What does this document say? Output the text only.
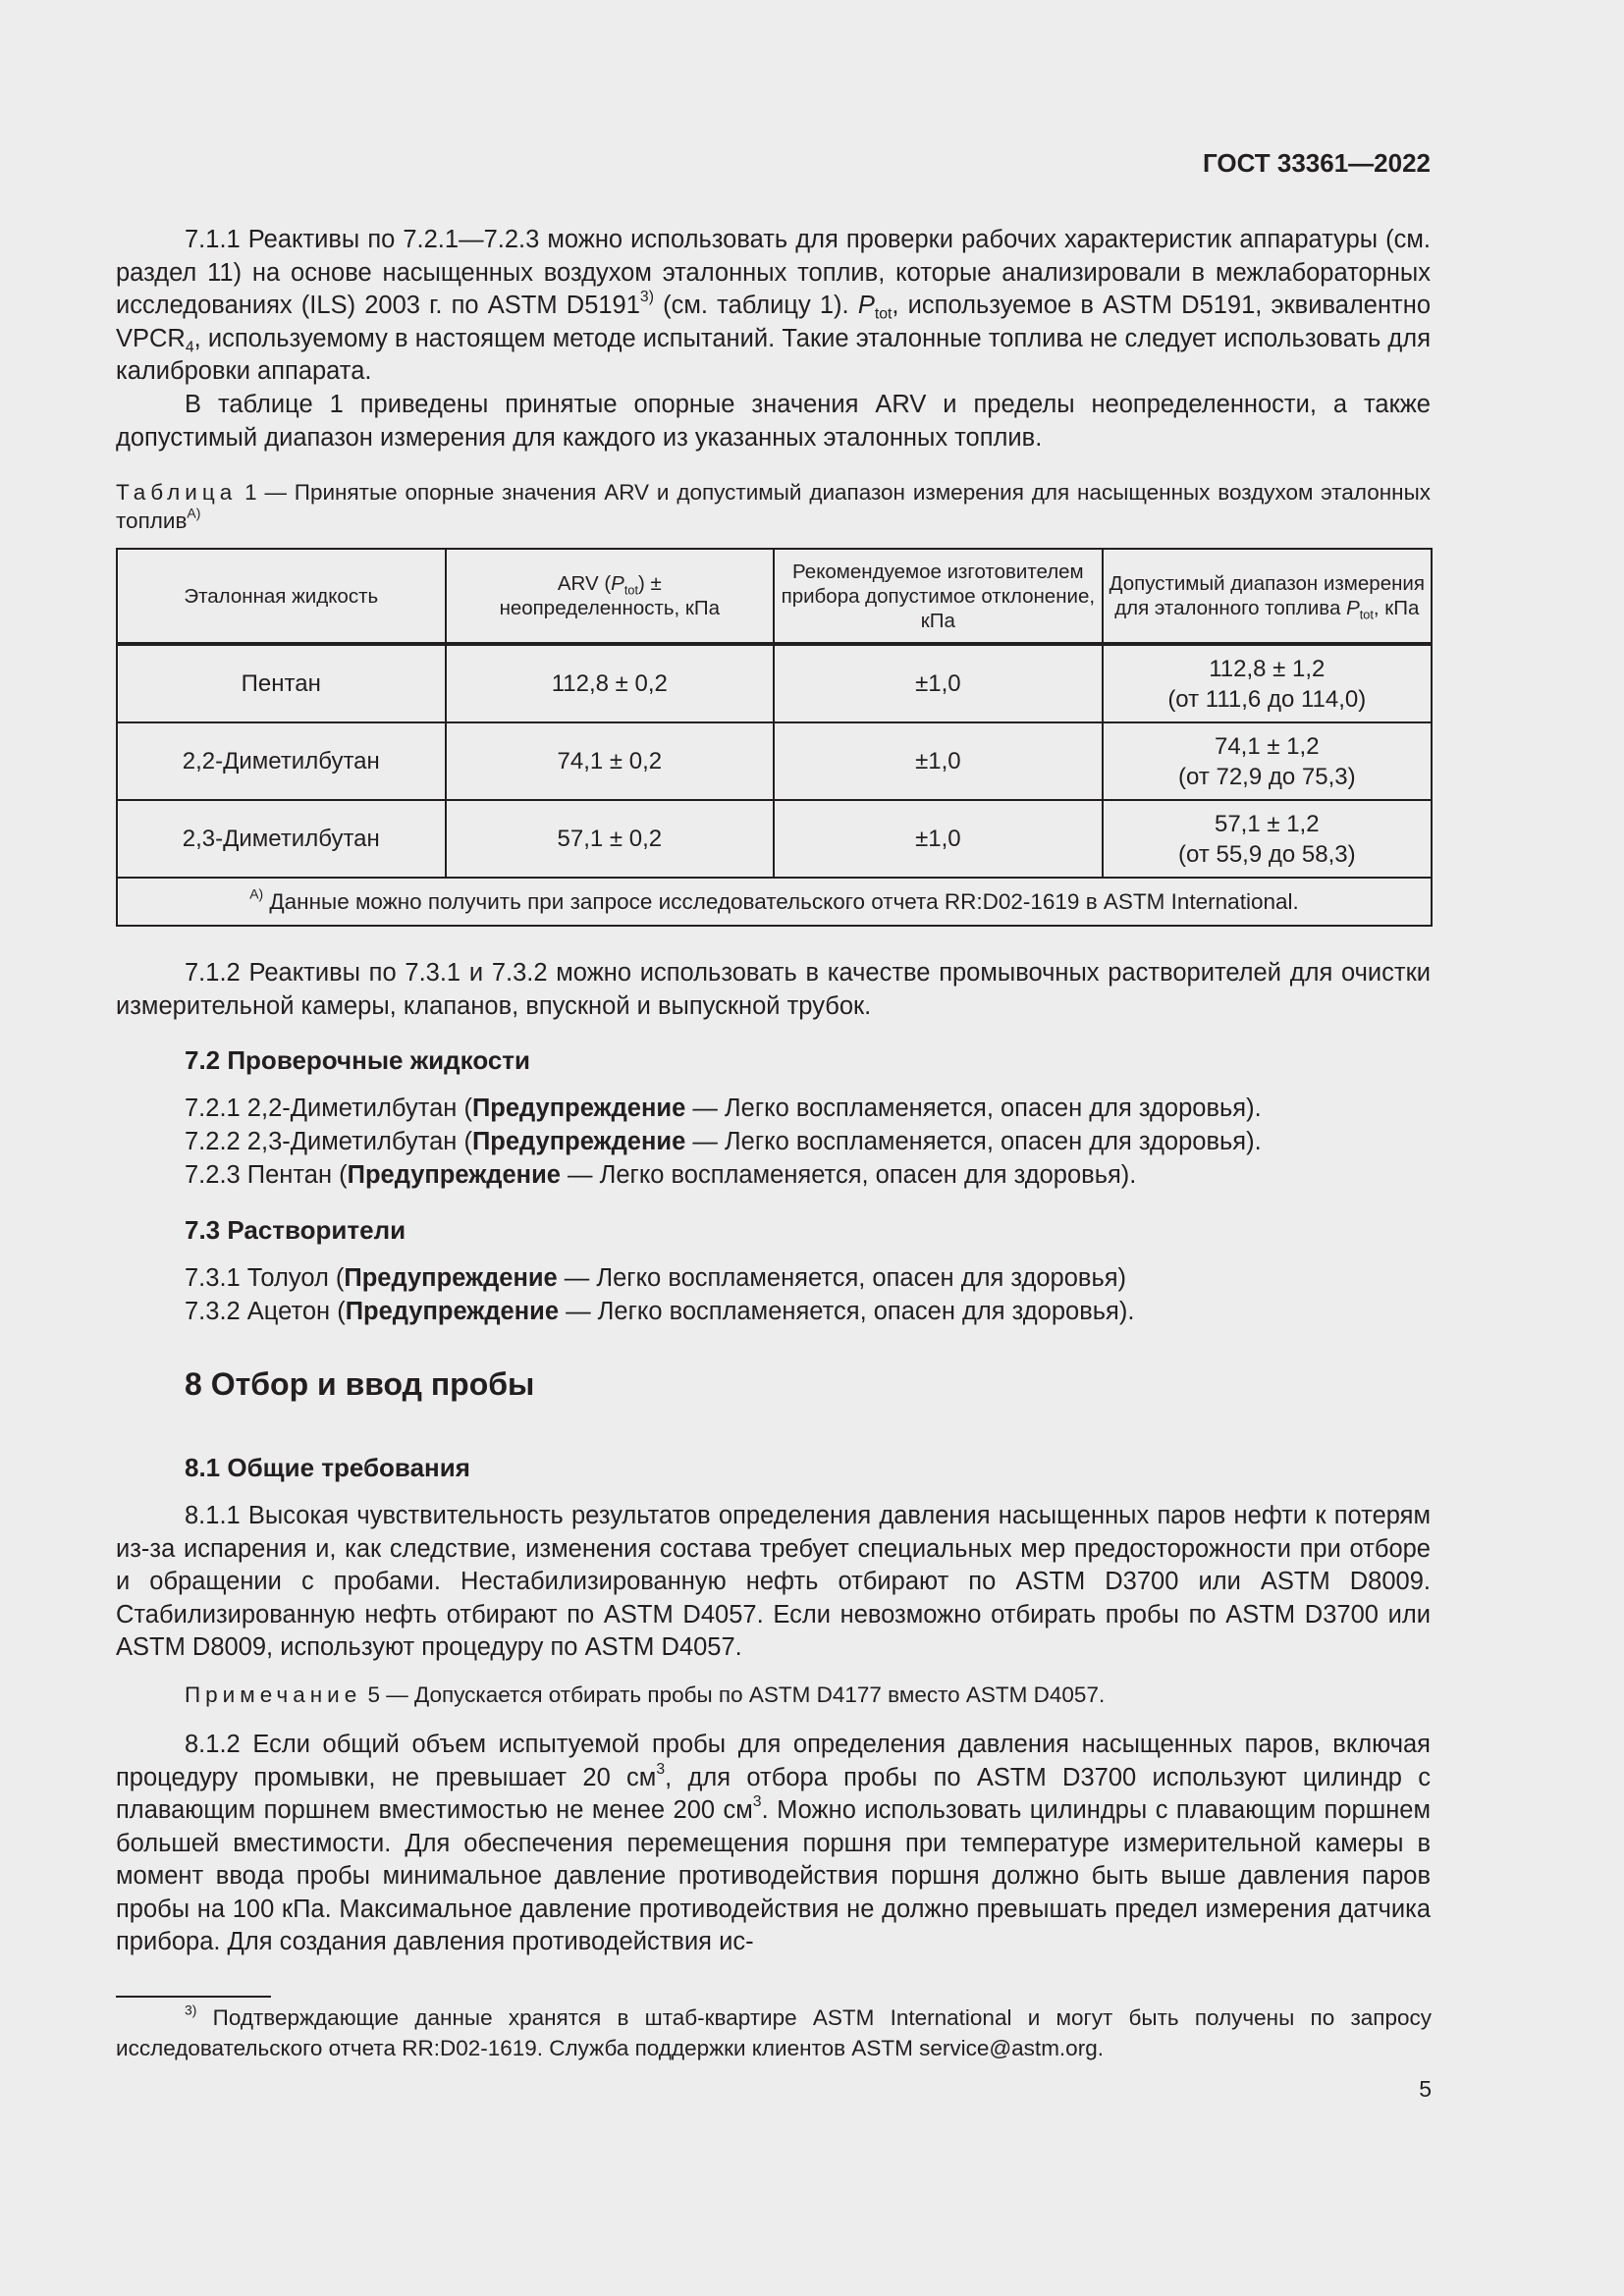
ГОСТ 33361—2022

7.1.1 Реактивы по 7.2.1—7.2.3 можно использовать для проверки рабочих характеристик аппаратуры (см. раздел 11) на основе насыщенных воздухом эталонных топлив, которые анализировали в межлабораторных исследованиях (ILS) 2003 г. по ASTM D5191$^{3)}$ (см. таблицу 1). $P_{tot}$, используемое в ASTM D5191, эквивалентно $VPCR_4$, используемому в настоящем методе испытаний. Такие эталонные топлива не следует использовать для калибровки аппарата.

В таблице 1 приведены принятые опорные значения ARV и пределы неопределенности, а также допустимый диапазон измерения для каждого из указанных эталонных топлив.

Таблица 1 — Принятые опорные значения ARV и допустимый диапазон измерения для насыщенных воздухом эталонных топлив$^{А)}$

Эталонная жидкость	ARV $(P_{tot})$ ±
неопределенность, кПа	Рекомендуемое изготовителем прибора допустимое отклонение, кПа	Допустимый диапазон измерения для эталонного топлива $P_{tot}$, кПа
Пентан	112,8 ± 0,2	±1,0	112,8 ± 1,2
(от 111,6 до 114,0)
2,2-Диметилбутан	74,1 ± 0,2	±1,0	74,1 ± 1,2
(от 72,9 до 75,3)
2,3-Диметилбутан	57,1 ± 0,2	±1,0	57,1 ± 1,2
(от 55,9 до 58,3)
$^{А)}$ Данные можно получить при запросе исследовательского отчета RR:D02-1619 в ASTM International.			

7.1.2 Реактивы по 7.3.1 и 7.3.2 можно использовать в качестве промывочных растворителей для очистки измерительной камеры, клапанов, впускной и выпускной трубок.

7.2 Проверочные жидкости

7.2.1 2,2-Диметилбутан (Предупреждение — Легко воспламеняется, опасен для здоровья).

7.2.2 2,3-Диметилбутан (Предупреждение — Легко воспламеняется, опасен для здоровья).

7.2.3 Пентан (Предупреждение — Легко воспламеняется, опасен для здоровья).

7.3 Растворители

7.3.1 Толуол (Предупреждение — Легко воспламеняется, опасен для здоровья)

7.3.2 Ацетон (Предупреждение — Легко воспламеняется, опасен для здоровья).

8 Отбор и ввод пробы
8.1 Общие требования

8.1.1 Высокая чувствительность результатов определения давления насыщенных паров нефти к потерям из-за испарения и, как следствие, изменения состава требует специальных мер предосторожности при отборе и обращении с пробами. Нестабилизированную нефть отбирают по ASTM D3700 или ASTM D8009. Стабилизированную нефть отбирают по ASTM D4057. Если невозможно отбирать пробы по ASTM D3700 или ASTM D8009, используют процедуру по ASTM D4057.

Примечание 5 — Допускается отбирать пробы по ASTM D4177 вместо ASTM D4057.

8.1.2 Если общий объем испытуемой пробы для определения давления насыщенных паров, включая процедуру промывки, не превышает 20 $см^3$, для отбора пробы по ASTM D3700 используют цилиндр с плавающим поршнем вместимостью не менее 200 $см^3$. Можно использовать цилиндры с плавающим поршнем большей вместимости. Для обеспечения перемещения поршня при температуре измерительной камеры в момент ввода пробы минимальное давление противодействия поршня должно быть выше давления паров пробы на 100 кПа. Максимальное давление противодействия не должно превышать предел измерения датчика прибора. Для создания давления противодействия ис-

$^{3)}$ Подтверждающие данные хранятся в штаб-квартире ASTM International и могут быть получены по запросу исследовательского отчета RR:D02-1619. Служба поддержки клиентов ASTM service@astm.org.

5
